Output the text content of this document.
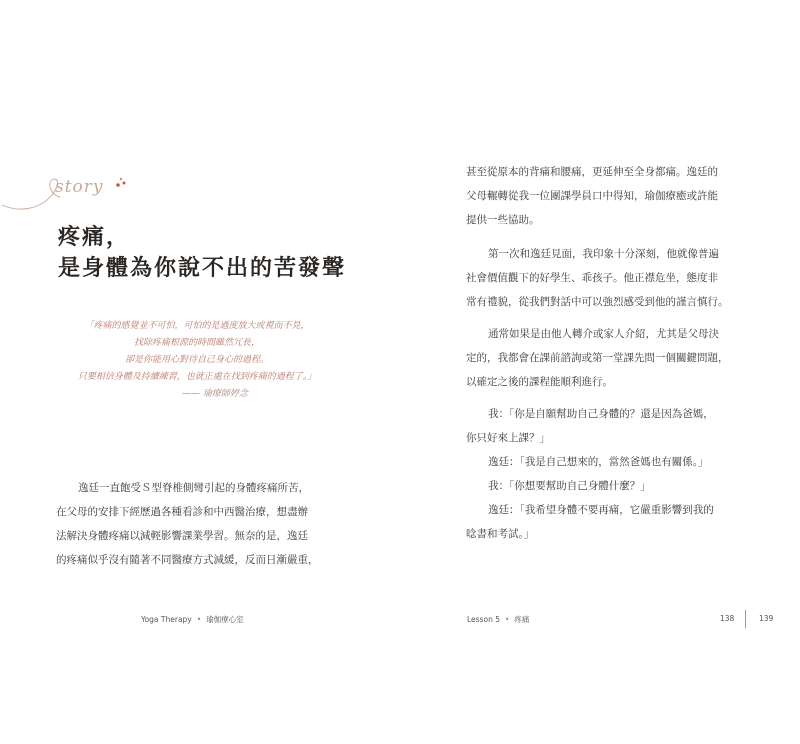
story
疼痛，
是身體為你說不出的苦發聲
「疼痛的感覺並不可怕，可怕的是過度放大或視而不見，
找除疼痛根源的時間雖然冗長，
卻是你能用心對待自己身心的過程。
只要相信身體及持續練習，也就正處在找到疼痛的過程了。」
—— 瑜療師婷念
逸廷一直飽受Ｓ型脊椎側彎引起的身體疼痛所苦，
在父母的安排下經歷過各種看診和中西醫治療，想盡辦
法解決身體疼痛以減輕影響課業學習。無奈的是，逸廷
的疼痛似乎沒有隨著不同醫療方式減緩，反而日漸嚴重，
Yoga Therapy • 瑜伽療心室
甚至從原本的背痛和腰痛，更延伸至全身都痛。逸廷的
父母輾轉從我一位團課學員口中得知，瑜伽療癒或許能
提供一些協助。
第一次和逸廷見面，我印象十分深刻，他就像普遍
社會價值觀下的好學生、乖孩子。他正襟危坐，態度非
常有禮貌，從我們對話中可以強烈感受到他的謹言慎行。
通常如果是由他人轉介或家人介紹，尤其是父母決
定的，我都會在課前諮詢或第一堂課先問一個關鍵問題，
以確定之後的課程能順利進行。
我：「你是自願幫助自己身體的？還是因為爸媽，
你只好來上課？」
逸廷：「我是自己想來的，當然爸媽也有關係。」
我：「你想要幫助自己身體什麼？」
逸廷：「我希望身體不要再痛，它嚴重影響到我的
唸書和考試。」
Lesson 5 • 疼痛	138	139
